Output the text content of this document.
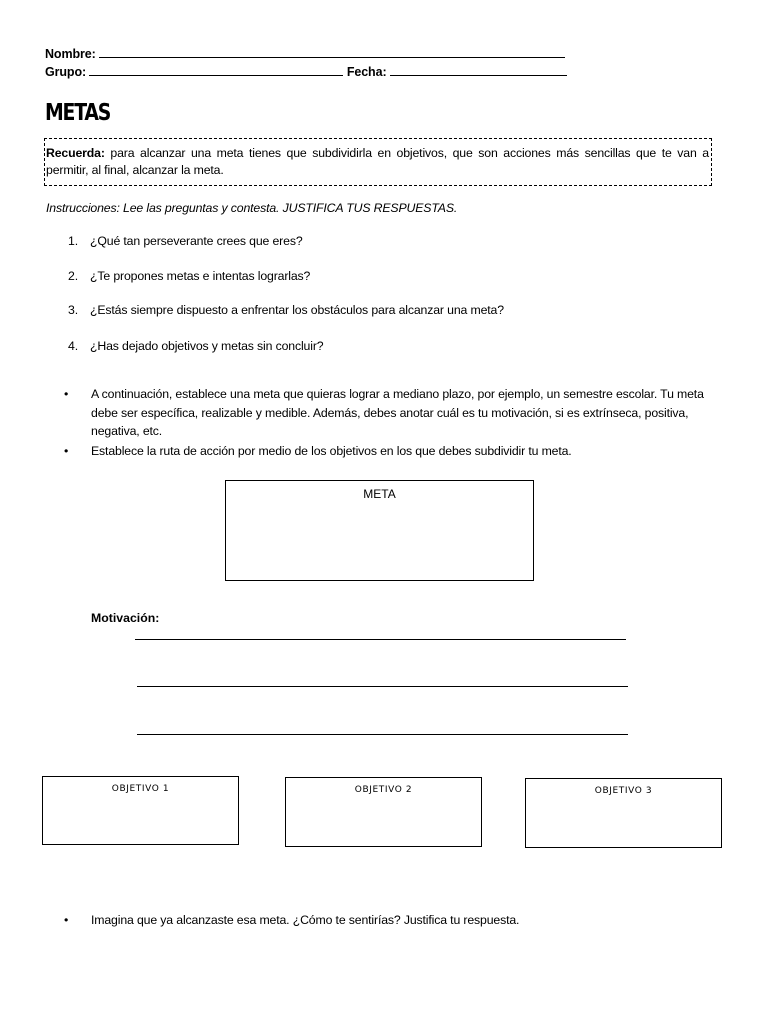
Nombre:
Grupo:	Fecha:
METAS
Recuerda: para alcanzar una meta tienes que subdividirla en objetivos, que son acciones más sencillas que te van a permitir, al final, alcanzar la meta.
Instrucciones: Lee las preguntas y contesta. JUSTIFICA TUS RESPUESTAS.
1. ¿Qué tan perseverante crees que eres?
2. ¿Te propones metas e intentas lograrlas?
3. ¿Estás siempre dispuesto a enfrentar los obstáculos para alcanzar una meta?
4. ¿Has dejado objetivos y metas sin concluir?
• A continuación, establece una meta que quieras lograr a mediano plazo, por ejemplo, un semestre escolar. Tu meta debe ser específica, realizable y medible. Además, debes anotar cuál es tu motivación, si es extrínseca, positiva, negativa, etc.
• Establece la ruta de acción por medio de los objetivos en los que debes subdividir tu meta.
META
Motivación:
OBJETIVO 1	OBJETIVO 2	OBJETIVO 3
• Imagina que ya alcanzaste esa meta. ¿Cómo te sentirías? Justifica tu respuesta.
